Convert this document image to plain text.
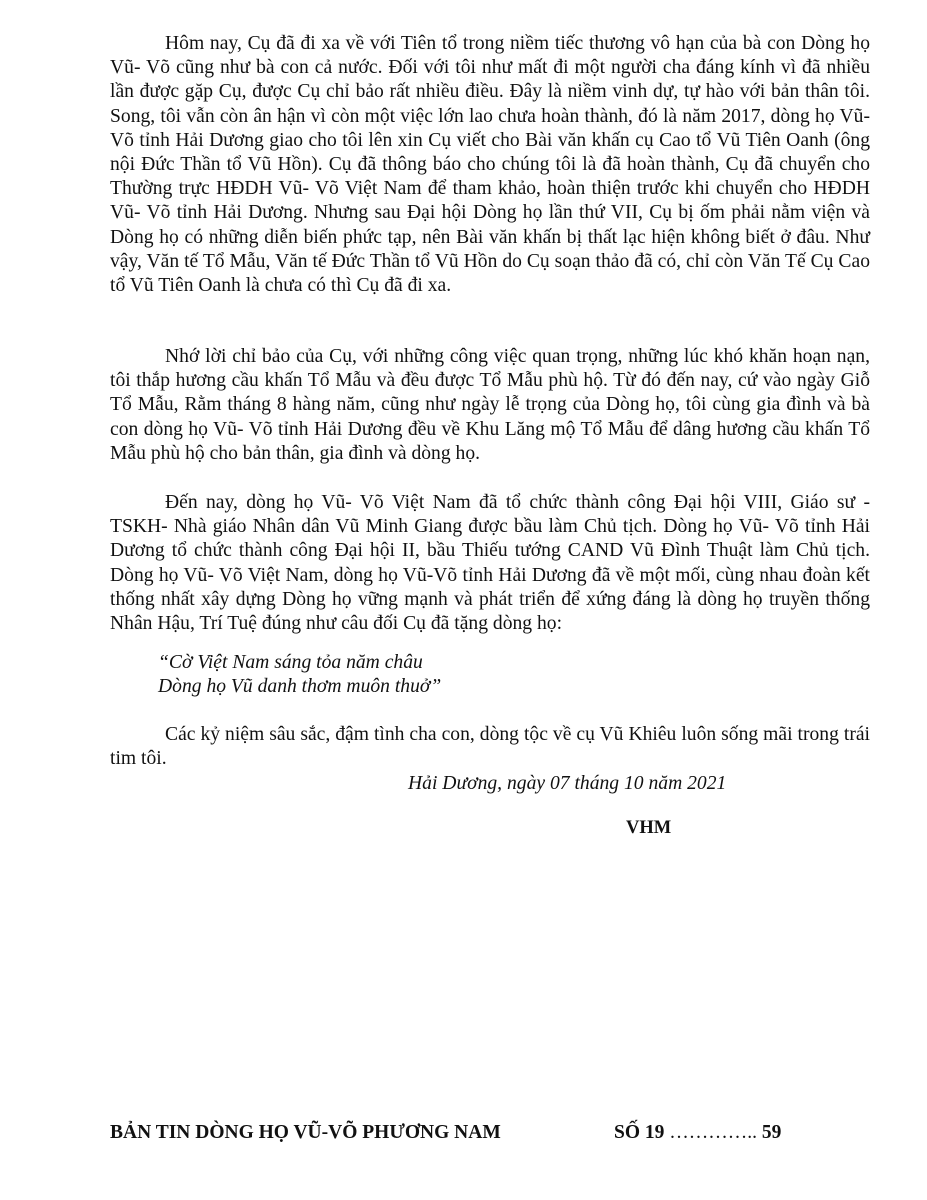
Hôm nay, Cụ đã đi xa về với Tiên tổ trong niềm tiếc thương vô hạn của bà con Dòng họ Vũ- Võ cũng như bà con cả nước. Đối với tôi như mất đi một người cha đáng kính vì đã nhiều lần được gặp Cụ, được Cụ chỉ bảo rất nhiều điều. Đây là niềm vinh dự, tự hào với bản thân tôi. Song, tôi vẫn còn ân hận vì còn một việc lớn lao chưa hoàn thành, đó là năm 2017, dòng họ Vũ- Võ tỉnh Hải Dương giao cho tôi lên xin Cụ viết cho Bài văn khấn cụ Cao tổ Vũ Tiên Oanh (ông nội Đức Thần tổ Vũ Hồn). Cụ đã thông báo cho chúng tôi là đã hoàn thành, Cụ đã chuyển cho Thường trực HĐDH Vũ- Võ Việt Nam để tham khảo, hoàn thiện trước khi chuyển cho HĐDH Vũ- Võ tỉnh Hải Dương. Nhưng sau Đại hội Dòng họ lần thứ VII, Cụ bị ốm phải nằm viện và Dòng họ có những diễn biến phức tạp, nên Bài văn khấn bị thất lạc hiện không biết ở đâu. Như vậy, Văn tế Tổ Mẫu, Văn tế Đức Thần tổ Vũ Hồn do Cụ soạn thảo đã có, chỉ còn Văn Tế Cụ Cao tổ Vũ Tiên Oanh là chưa có thì Cụ đã đi xa.

Nhớ lời chỉ bảo của Cụ, với những công việc quan trọng, những lúc khó khăn hoạn nạn, tôi thắp hương cầu khấn Tổ Mẫu và đều được Tổ Mẫu phù hộ. Từ đó đến nay, cứ vào ngày Giỗ Tổ Mẫu, Rằm tháng 8 hàng năm, cũng như ngày lễ trọng của Dòng họ, tôi cùng gia đình và bà con dòng họ Vũ- Võ tỉnh Hải Dương đều về Khu Lăng mộ Tổ Mẫu để dâng hương cầu khấn Tổ Mẫu phù hộ cho bản thân, gia đình và dòng họ.

Đến nay, dòng họ Vũ- Võ Việt Nam đã tổ chức thành công Đại hội VIII, Giáo sư - TSKH- Nhà giáo Nhân dân Vũ Minh Giang được bầu làm Chủ tịch. Dòng họ Vũ- Võ tỉnh Hải Dương tổ chức thành công Đại hội II, bầu Thiếu tướng CAND Vũ Đình Thuật làm Chủ tịch. Dòng họ Vũ- Võ Việt Nam, dòng họ Vũ-Võ tỉnh Hải Dương đã về một mối, cùng nhau đoàn kết thống nhất xây dựng Dòng họ vững mạnh và phát triển để xứng đáng là dòng họ truyền thống Nhân Hậu, Trí Tuệ đúng như câu đối Cụ đã tặng dòng họ:

“Cờ Việt Nam sáng tỏa năm châu
Dòng họ Vũ danh thơm muôn thuở”

Các kỷ niệm sâu sắc, đậm tình cha con, dòng tộc về cụ Vũ Khiêu luôn sống mãi trong trái tim tôi.

Hải Dương, ngày 07 tháng 10 năm 2021
VHM
BẢN TIN DÒNG HỌ VŨ-VÕ PHƯƠNG NAM	SỐ 19 ………….. 59
